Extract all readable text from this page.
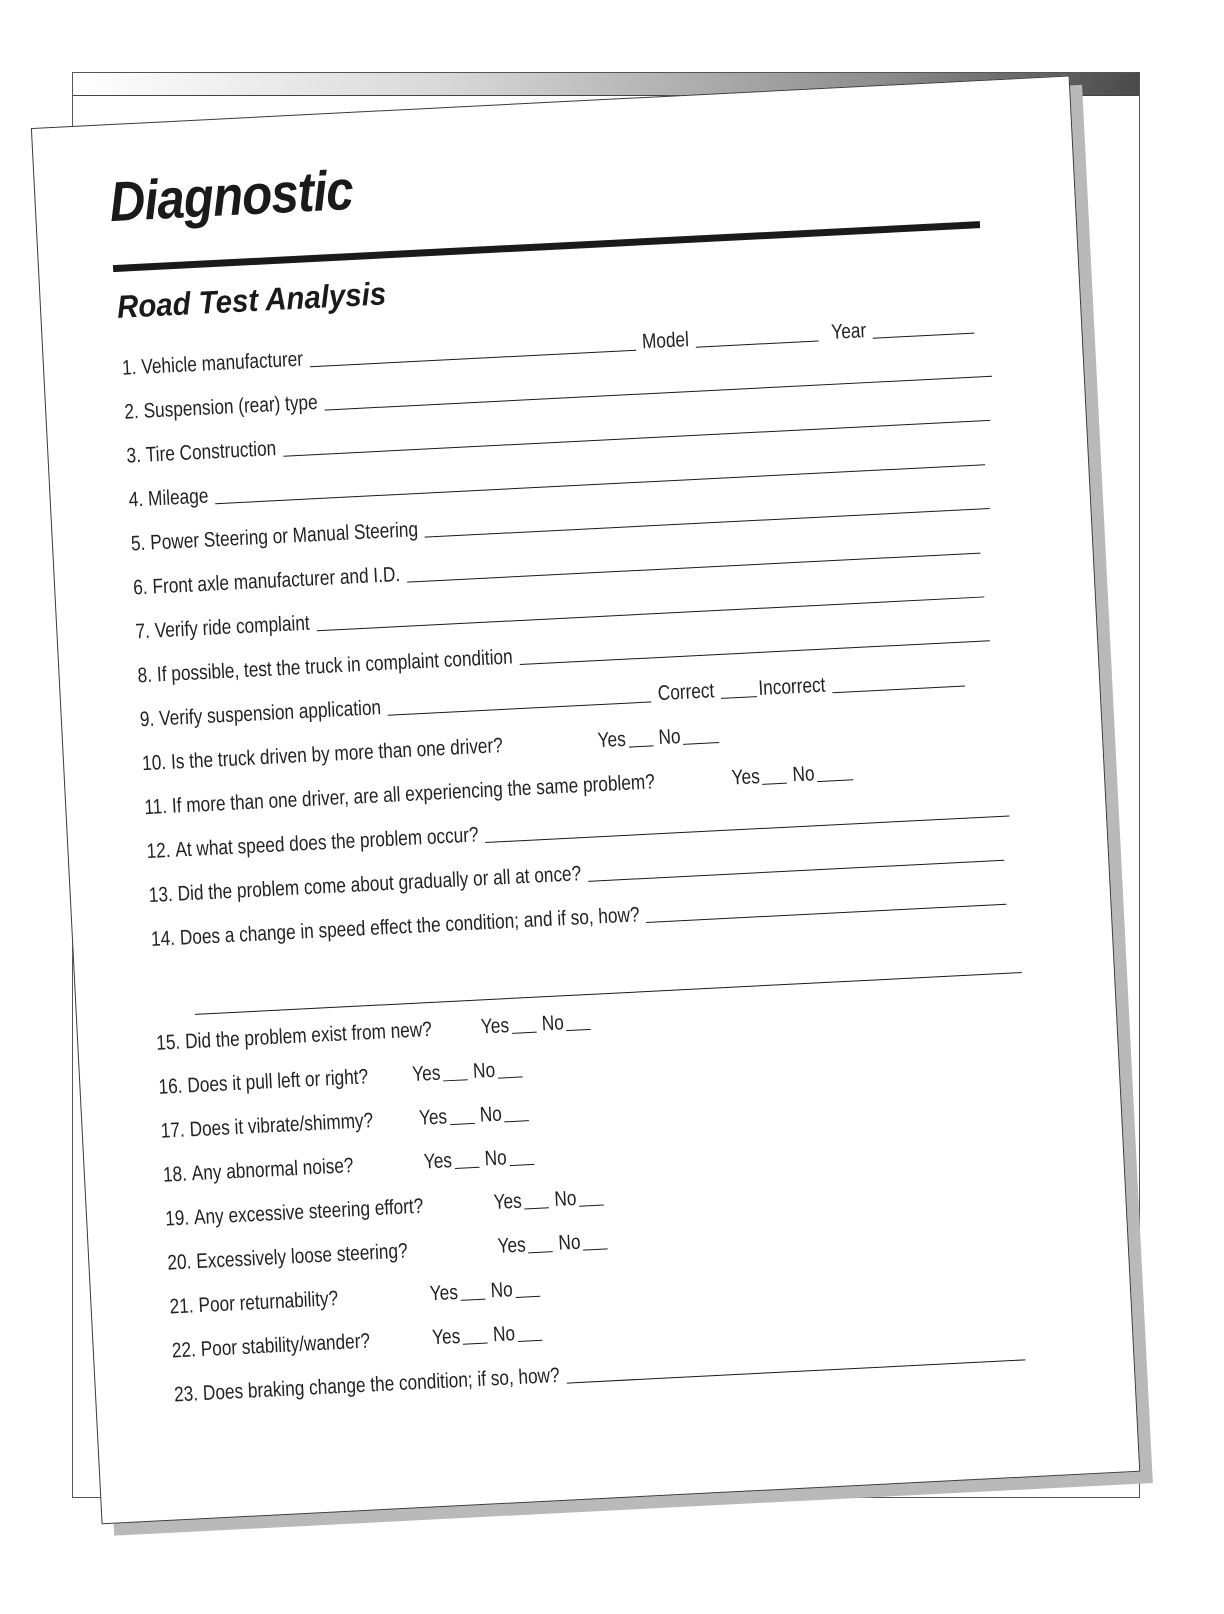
Diagnostic
Road Test Analysis
1. Vehicle manufacturer
Model	Year
2. Suspension (rear) type
3. Tire Construction
4. Mileage
5. Power Steering or Manual Steering
6. Front axle manufacturer and I.D.
7. Verify ride complaint
8. If possible, test the truck in complaint condition
9. Verify suspension application
Correct Incorrect
10. Is the truck driven by more than one driver?	Yes No
11. If more than one driver, are all experiencing the same problem?	Yes No
12. At what speed does the problem occur?
13. Did the problem come about gradually or all at once?
14. Does a change in speed effect the condition; and if so, how?
15. Did the problem exist from new? Yes No
16. Does it pull left or right? Yes No
17. Does it vibrate/shimmy? Yes No
18. Any abnormal noise?	Yes No
19. Any excessive steering effort?	Yes No
20. Excessively loose steering?	Yes No
21. Poor returnability?	Yes No
22. Poor stability/wander?	Yes No
23. Does braking change the condition; if so, how?
